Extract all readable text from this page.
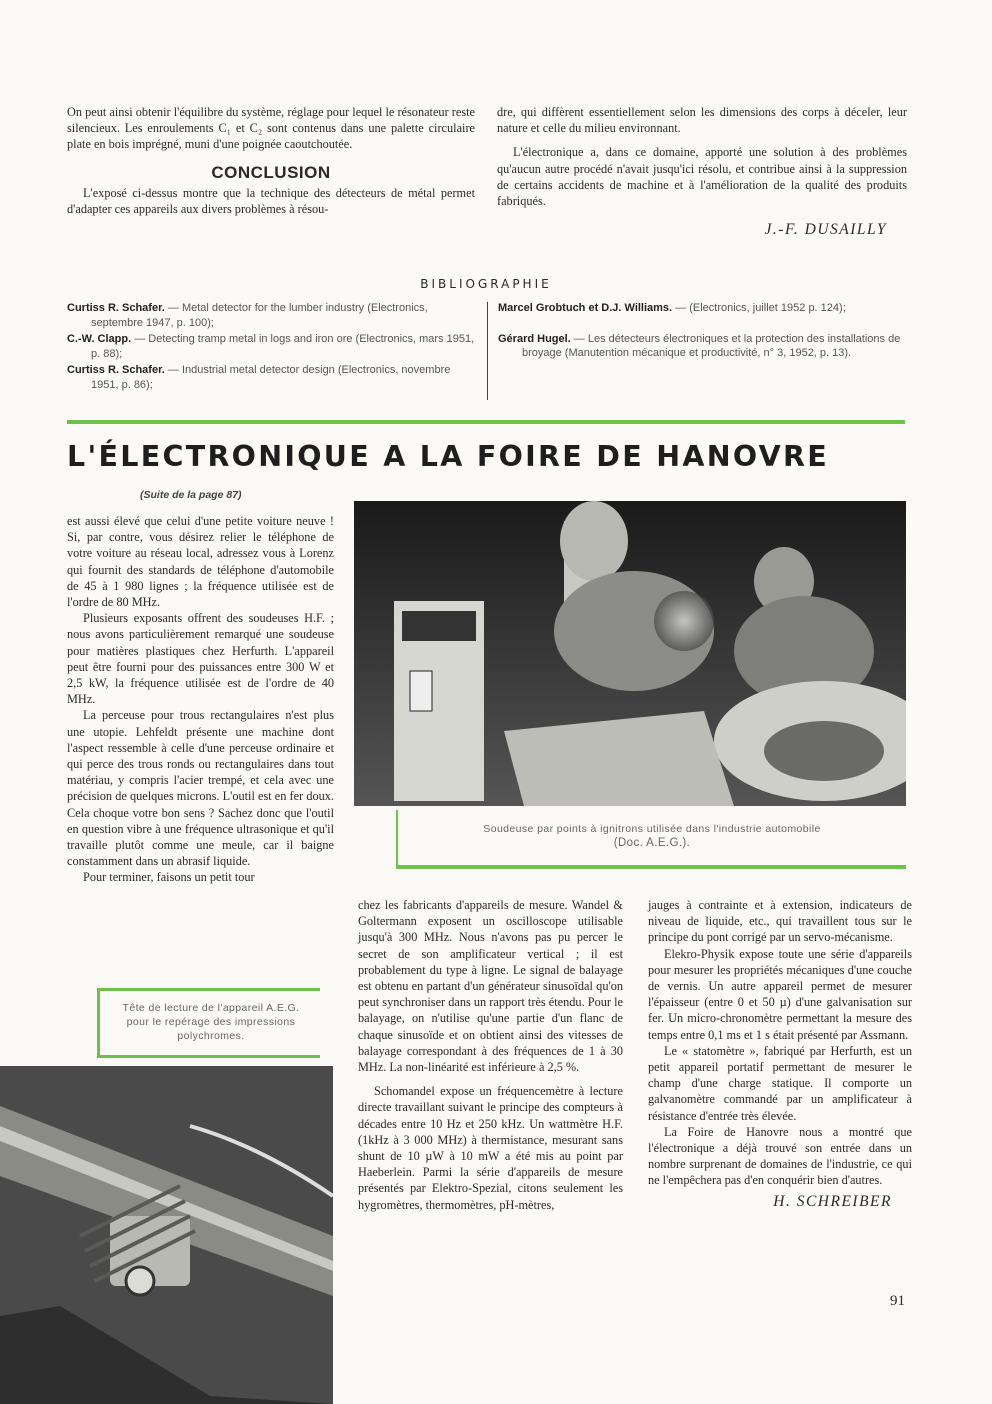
On peut ainsi obtenir l'équilibre du système, réglage pour lequel le résonateur reste silencieux. Les enroulements C₁ et C₂ sont contenus dans une palette circulaire plate en bois imprégné, muni d'une poignée caoutchoutée.

CONCLUSION

L'exposé ci-dessus montre que la technique des détecteurs de métal permet d'adapter ces appareils aux divers problèmes à résou-

dre, qui diffèrent essentiellement selon les dimensions des corps à déceler, leur nature et celle du milieu environnant.

L'électronique a, dans ce domaine, apporté une solution à des problèmes qu'aucun autre procédé n'avait jusqu'ici résolu, et contribue ainsi à la suppression de certains accidents de machine et à l'amélioration de la qualité des produits fabriqués.

J.-F. DUSAILLY
BIBLIOGRAPHIE

Curtiss R. Schafer. — Metal detector for the lumber industry (Electronics, septembre 1947, p. 100);

C.-W. Clapp. — Detecting tramp metal in logs and iron ore (Electronics, mars 1951, p. 88);

Curtiss R. Schafer. — Industrial metal detector design (Electronics, novembre 1951, p. 86);

Marcel Grobtuch et D.J. Williams. — (Electronics, juillet 1952 p. 124);

Gérard Hugel. — Les détecteurs électroniques et la protection des installations de broyage (Manutention mécanique et productivité, n° 3, 1952, p. 13).

L'ÉLECTRONIQUE A LA FOIRE DE HANOVRE
(Suite de la page 87)
Soudeuse par points à ignitrons utilisée dans l'industrie automobile
(Doc. A.E.G.).

est aussi élevé que celui d'une petite voiture neuve ! Si, par contre, vous désirez relier le téléphone de votre voiture au réseau local, adressez vous à Lorenz qui fournit des standards de téléphone d'automobile de 45 à 1 980 lignes ; la fréquence utilisée est de l'ordre de 80 MHz.

Plusieurs exposants offrent des soudeuses H.F. ; nous avons particulièrement remarqué une soudeuse pour matières plastiques chez Herfurth. L'appareil peut être fourni pour des puissances entre 300 W et 2,5 kW, la fréquence utilisée est de l'ordre de 40 MHz.

La perceuse pour trous rectangulaires n'est plus une utopie. Lehfeldt présente une machine dont l'aspect ressemble à celle d'une perceuse ordinaire et qui perce des trous ronds ou rectangulaires dans tout matériau, y compris l'acier trempé, et cela avec une précision de quelques microns. L'outil est en fer doux. Cela choque votre bon sens ? Sachez donc que l'outil en question vibre à une fréquence ultrasonique et qu'il travaille plutôt comme une meule, car il baigne constamment dans un abrasif liquide.

Pour terminer, faisons un petit tour

Tête de lecture de l'appareil A.E.G. pour le repérage des impressions polychromes.

chez les fabricants d'appareils de mesure. Wandel & Goltermann exposent un oscilloscope utilisable jusqu'à 300 MHz. Nous n'avons pas pu percer le secret de son amplificateur vertical ; il est probablement du type à ligne. Le signal de balayage est obtenu en partant d'un générateur sinusoïdal qu'on peut synchroniser dans un rapport très étendu. Pour le balayage, on n'utilise qu'une partie d'un flanc de chaque sinusoïde et on obtient ainsi des vitesses de balayage correspondant à des fréquences de 1 à 30 MHz. La non-linéarité est inférieure à 2,5 %.

Schomandel expose un fréquencemètre à lecture directe travaillant suivant le principe des compteurs à décades entre 10 Hz et 250 kHz. Un wattmètre H.F. (1kHz à 3 000 MHz) à thermistance, mesurant sans shunt de 10 µW à 10 mW a été mis au point par Haeberlein. Parmi la série d'appareils de mesure présentés par Elektro-Spezial, citons seulement les hygromètres, thermomètres, pH-mètres,

jauges à contrainte et à extension, indicateurs de niveau de liquide, etc., qui travaillent tous sur le principe du pont corrigé par un servo-mécanisme.

Elekro-Physik expose toute une série d'appareils pour mesurer les propriétés mécaniques d'une couche de vernis. Un autre appareil permet de mesurer l'épaisseur (entre 0 et 50 µ) d'une galvanisation sur fer. Un micro-chronomètre permettant la mesure des temps entre 0,1 ms et 1 s était présenté par Assmann.

Le « statomètre », fabriqué par Herfurth, est un petit appareil portatif permettant de mesurer le champ d'une charge statique. Il comporte un galvanomètre commandé par un amplificateur à résistance d'entrée très élevée.

La Foire de Hanovre nous a montré que l'électronique a déjà trouvé son entrée dans un nombre surprenant de domaines de l'industrie, ce qui ne l'empêchera pas d'en conquérir bien d'autres.

H. SCHREIBER
91
